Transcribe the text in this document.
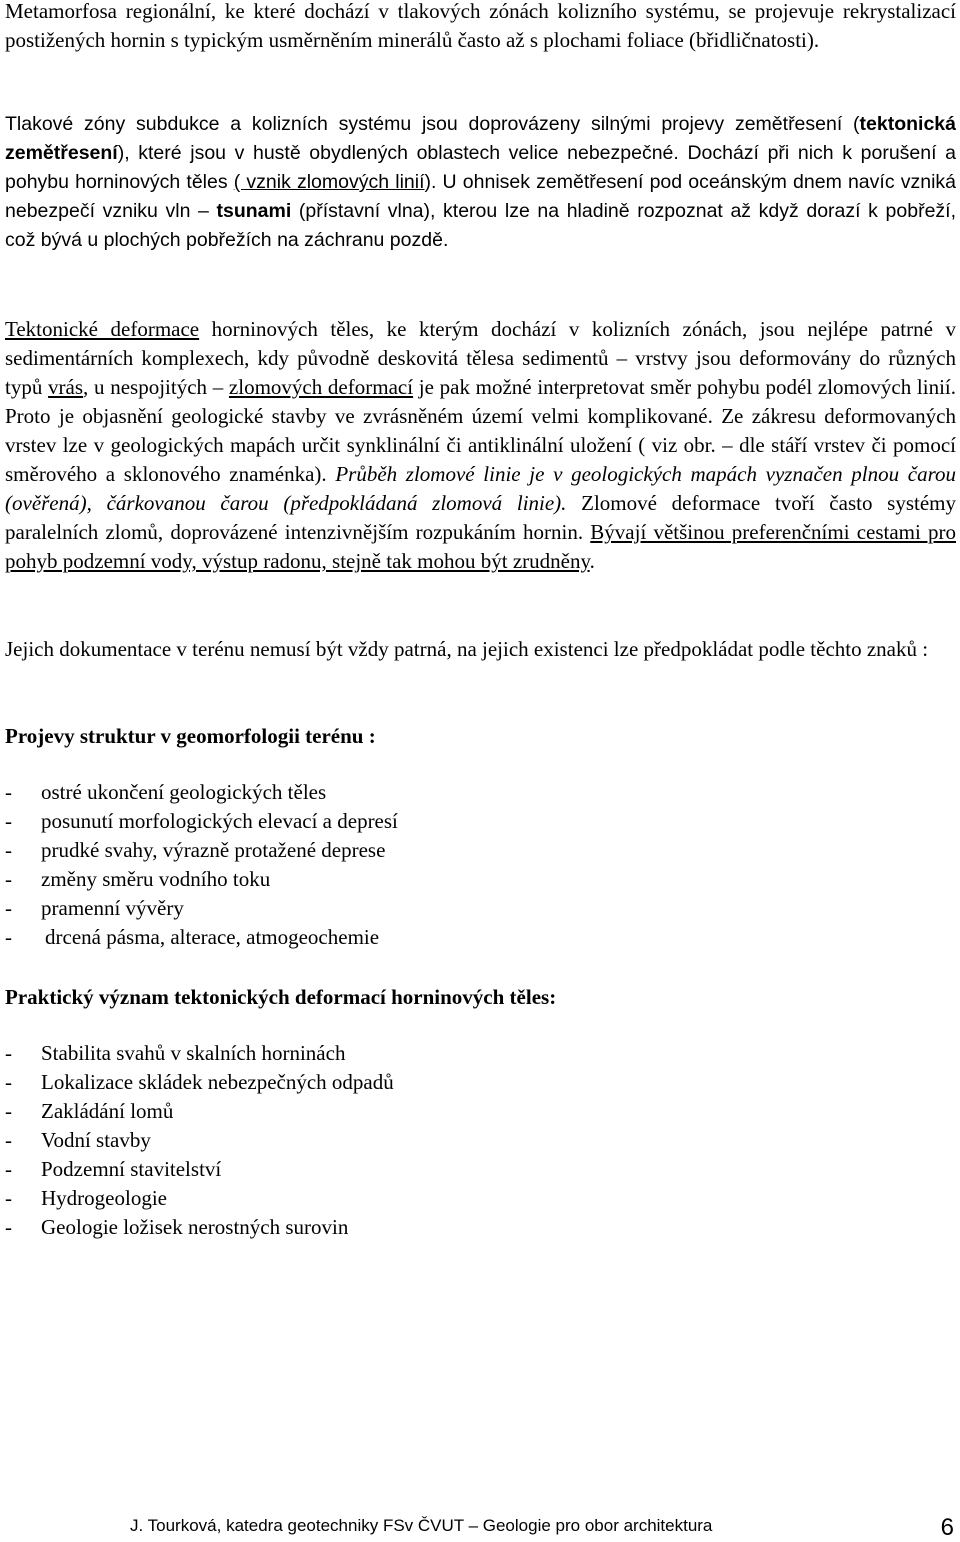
Metamorfosa regionální, ke které dochází v tlakových zónách kolizního systému, se projevuje rekrystalizací postižených hornin s typickým usměrněním minerálů často až s plochami foliace (břidličnatosti).

Tlakové zóny subdukce a kolizních systému jsou doprovázeny silnými projevy zemětřesení (tektonická zemětřesení), které jsou v hustě obydlených oblastech velice nebezpečné. Dochází při nich k porušení a pohybu horninových těles ( vznik zlomových linií). U ohnisek zemětřesení pod oceánským dnem navíc vzniká nebezpečí vzniku vln – tsunami (přístavní vlna), kterou lze na hladině rozpoznat až když dorazí k pobřeží, což bývá u plochých pobřežích na záchranu pozdě.

Tektonické deformace horninových těles, ke kterým dochází v kolizních zónách, jsou nejlépe patrné v sedimentárních komplexech, kdy původně deskovitá tělesa sedimentů – vrstvy jsou deformovány do různých typů vrás, u nespojitých – zlomových deformací je pak možné interpretovat směr pohybu podél zlomových linií. Proto je objasnění geologické stavby ve zvrásněném území velmi komplikované. Ze zákresu deformovaných vrstev lze v geologických mapách určit synklinální či antiklinální uložení ( viz obr. – dle stáří vrstev či pomocí směrového a sklonového znaménka). Průběh zlomové linie je v geologických mapách vyznačen plnou čarou (ověřená), čárkovanou čarou (předpokládaná zlomová linie). Zlomové deformace tvoří často systémy paralelních zlomů, doprovázené intenzivnějším rozpukáním hornin. Bývají většinou preferenčními cestami pro pohyb podzemní vody, výstup radonu, stejně tak mohou být zrudněny.

Jejich dokumentace v terénu nemusí být vždy patrná, na jejich existenci lze předpokládat podle těchto znaků :

Projevy struktur v geomorfologii terénu :
- ostré ukončení geologických těles
- posunutí morfologických elevací a depresí
- prudké svahy, výrazně protažené deprese
- změny směru vodního toku
- pramenní vývěry
- drcená pásma, alterace, atmogeochemie
Praktický význam tektonických deformací horninových těles:
- Stabilita svahů v skalních horninách
- Lokalizace skládek nebezpečných odpadů
- Zakládání lomů
- Vodní stavby
- Podzemní stavitelství
- Hydrogeologie
- Geologie ložisek nerostných surovin
J. Tourková, katedra geotechniky FSv ČVUT – Geologie pro obor architektura	6
